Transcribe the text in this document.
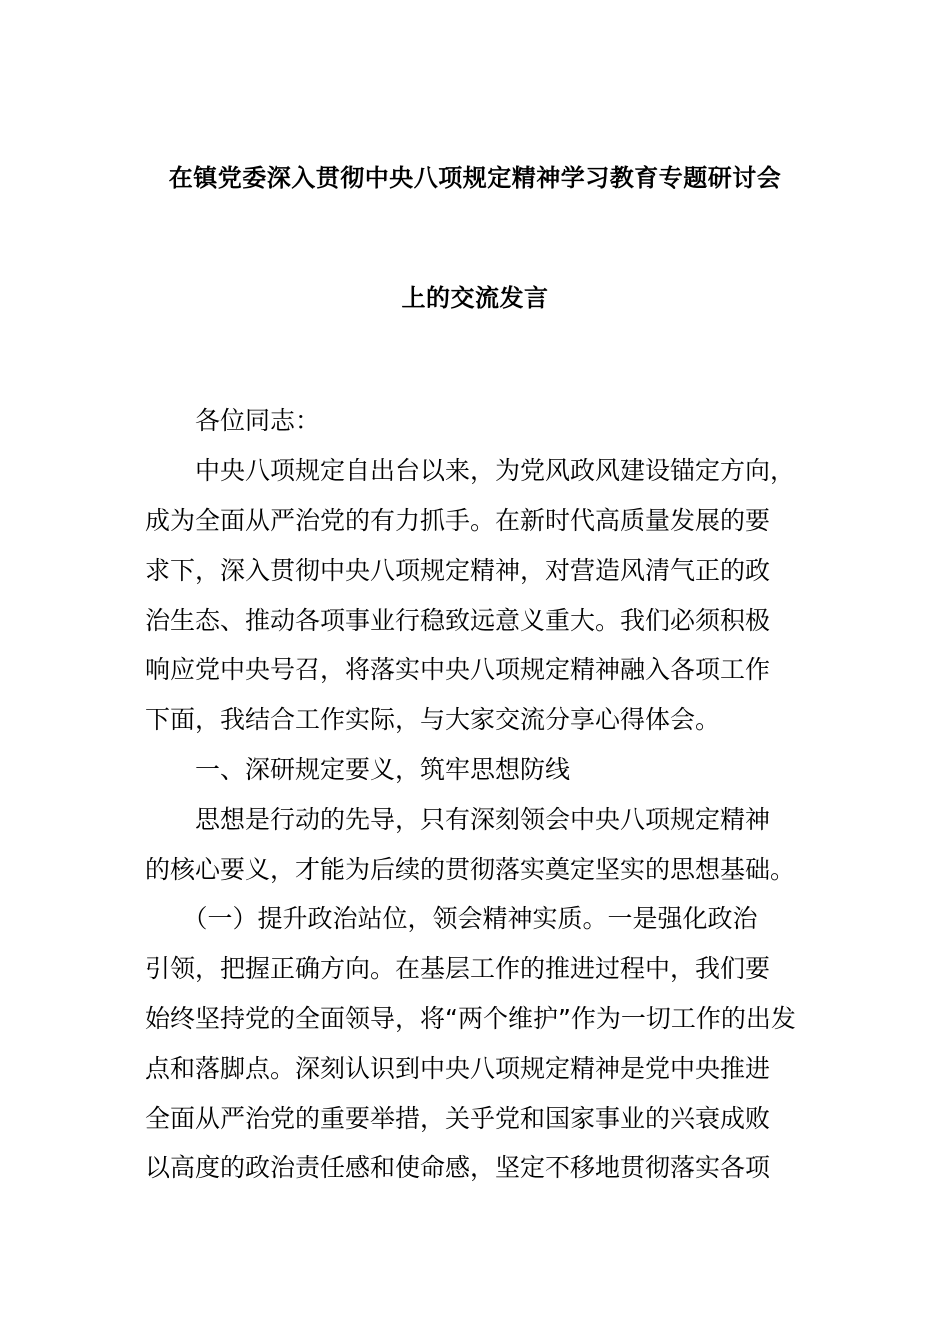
在镇党委深入贯彻中央八项规定精神学习教育专题研讨会
上的交流发言
　　各位同志：
　　中央八项规定自出台以来，为党风政风建设锚定方向，
成为全面从严治党的有力抓手。在新时代高质量发展的要
求下，深入贯彻中央八项规定精神，对营造风清气正的政
治生态、推动各项事业行稳致远意义重大。我们必须积极
响应党中央号召，将落实中央八项规定精神融入各项工作
下面，我结合工作实际，与大家交流分享心得体会。
　　一、深研规定要义，筑牢思想防线
　　思想是行动的先导，只有深刻领会中央八项规定精神
的核心要义，才能为后续的贯彻落实奠定坚实的思想基础。
　　（一）提升政治站位，领会精神实质。一是强化政治
引领，把握正确方向。在基层工作的推进过程中，我们要
始终坚持党的全面领导，将“两个维护”作为一切工作的出发
点和落脚点。深刻认识到中央八项规定精神是党中央推进
全面从严治党的重要举措，关乎党和国家事业的兴衰成败
以高度的政治责任感和使命感，坚定不移地贯彻落实各项
